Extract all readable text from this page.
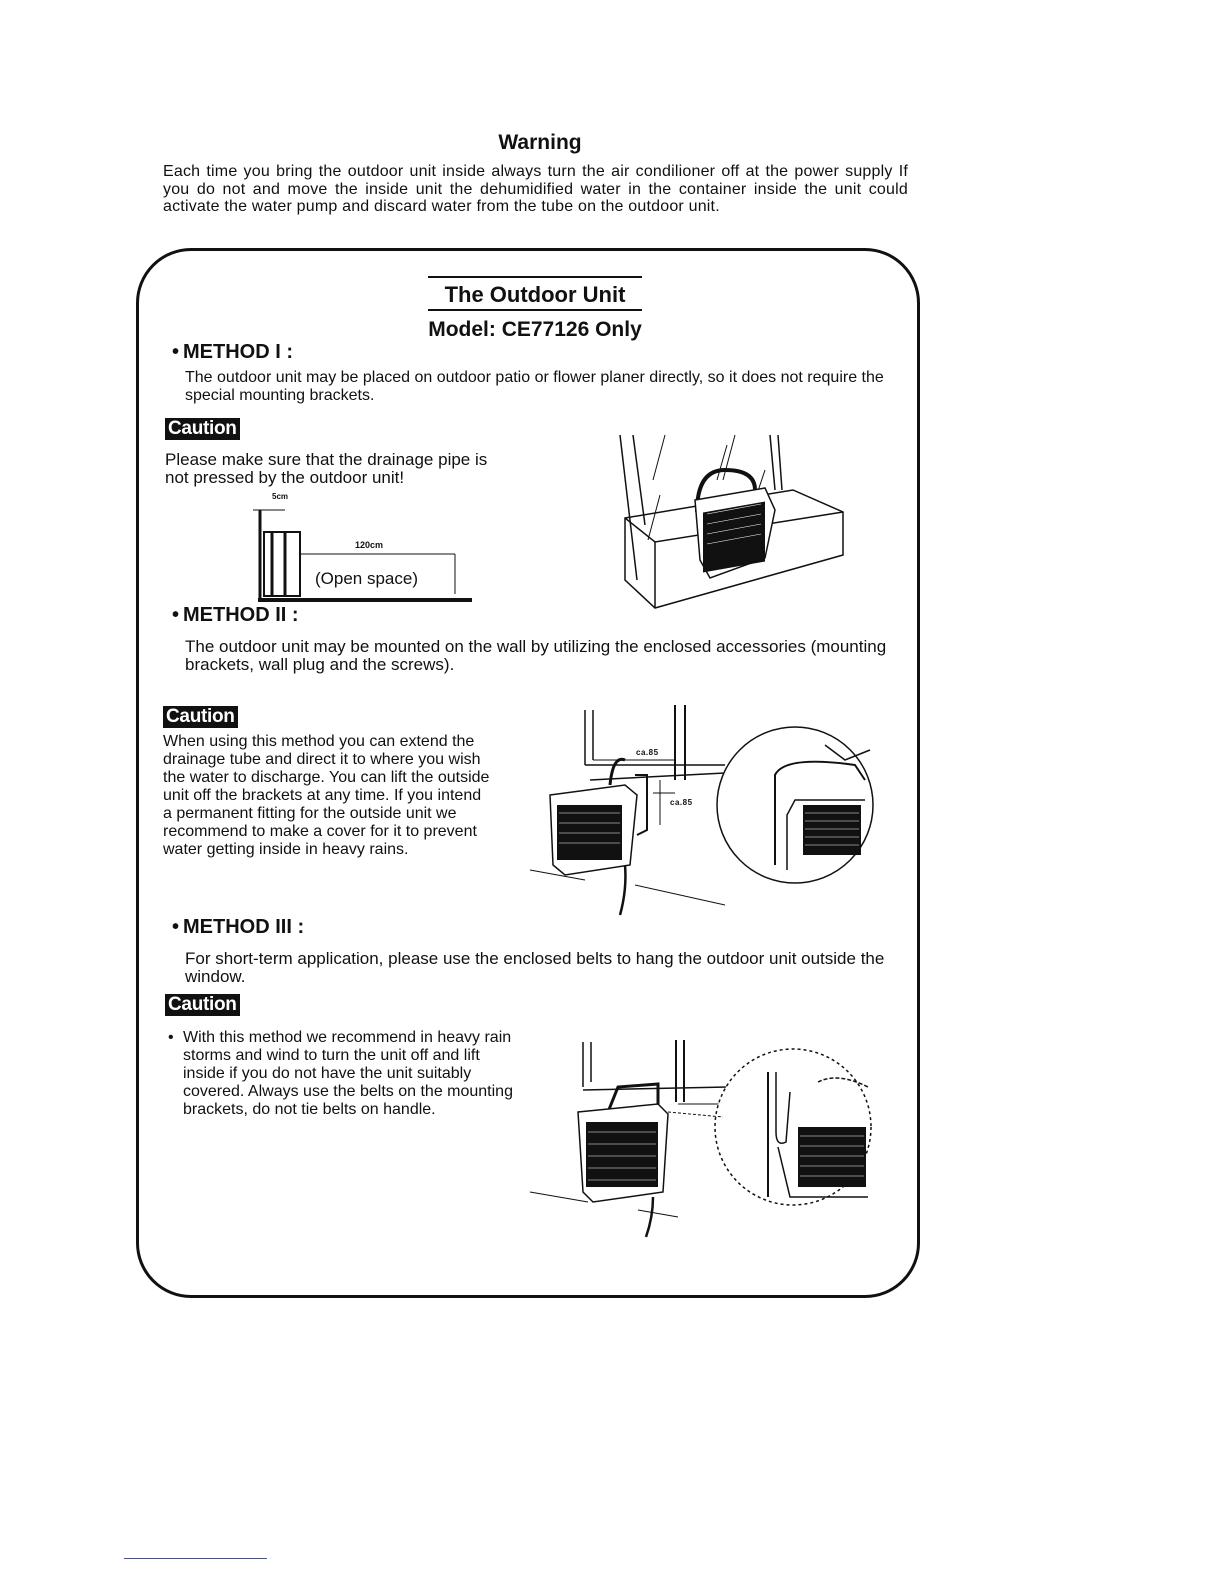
Warning
Each time you bring the outdoor unit inside always turn the air condilioner off at the power supply If you do not and move the inside unit the dehumidified water in the container inside the unit could activate the water pump and discard water from the tube on the outdoor unit.
The Outdoor Unit
Model: CE77126 Only
• METHOD I :
The outdoor unit may be placed on outdoor patio or flower planer directly, so it does not require the special mounting brackets.
Caution
Please make sure that the drainage pipe is not pressed by the outdoor unit!
5cm
120cm
(Open space)
• METHOD II :
The outdoor unit may be mounted on the wall by utilizing the enclosed accessories (mounting brackets, wall plug and the screws).
Caution
When using this method you can extend the drainage tube and direct it to where you wish the water to discharge. You can lift the outside unit off the brackets at any time. If you intend a permanent fitting for the outside unit we recommend to make a cover for it to prevent water getting inside in heavy rains.
ca.85
ca.85
• METHOD III :
For short-term application, please use the enclosed belts to hang the outdoor unit outside the window.
Caution
• With this method we recommend in heavy rain storms and wind to turn the unit off and lift inside if you do not have the unit suitably covered. Always use the belts on the mounting brackets, do not tie belts on handle.
